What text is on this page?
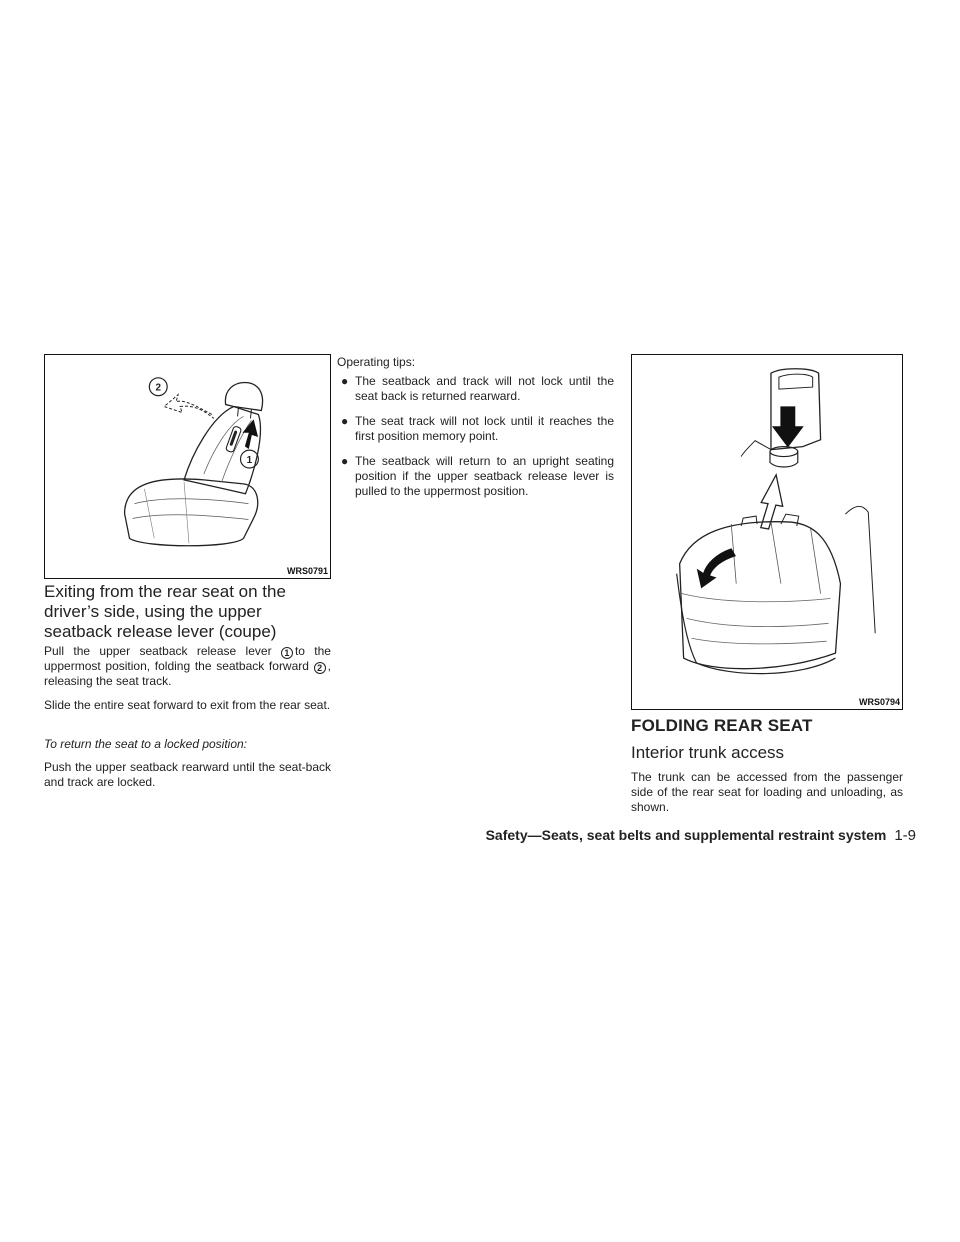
2
1
WRS0791
Exiting from the rear seat on the driver’s side, using the upper seatback release lever (coupe)

Pull the upper seatback release lever 1 to the uppermost position, folding the seatback forward 2 , releasing the seat track.

Slide the entire seat forward to exit from the rear seat.

To return the seat to a locked position:

Push the upper seatback rearward until the seat-back and track are locked.

Operating tips:

● The seatback and track will not lock until the seat back is returned rearward.
● The seat track will not lock until it reaches the first position memory point.
● The seatback will return to an upright seating position if the upper seatback release lever is pulled to the uppermost position.
WRS0794
FOLDING REAR SEAT
Interior trunk access

The trunk can be accessed from the passenger side of the rear seat for loading and unloading, as shown.

Safety—Seats, seat belts and supplemental restraint system 1-9
